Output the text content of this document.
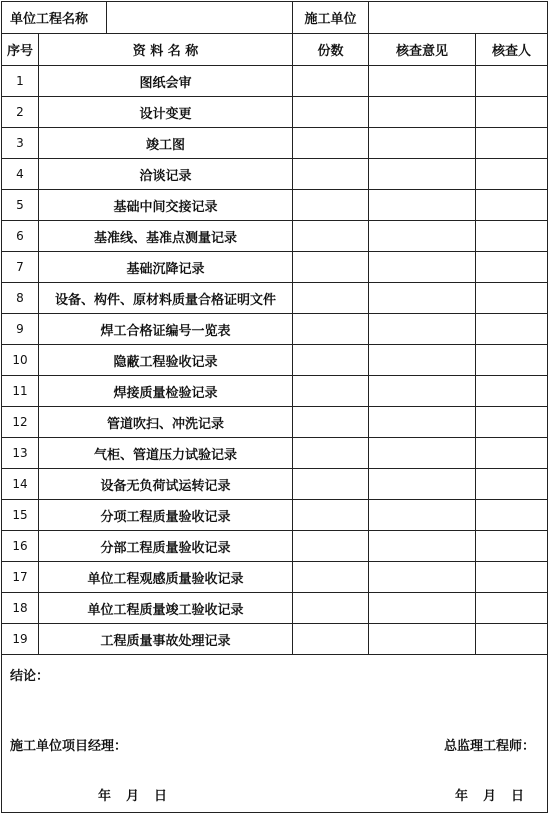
单位工程名称		施工单位		
序号	资 料 名 称	份数	核查意见	核查人
1	图纸会审			
2	设计变更			
3	竣工图			
4	洽谈记录			
5	基础中间交接记录			
6	基准线、基准点测量记录			
7	基础沉降记录			
8	设备、构件、原材料质量合格证明文件			
9	焊工合格证编号一览表			
10	隐蔽工程验收记录			
11	焊接质量检验记录			
12	管道吹扫、冲洗记录			
13	气柜、管道压力试验记录			
14	设备无负荷试运转记录			
15	分项工程质量验收记录			
16	分部工程质量验收记录			
17	单位工程观感质量验收记录			
18	单位工程质量竣工验收记录			
19	工程质量事故处理记录			

结论：
施工单位项目经理： 总监理工程师：
年　月　日 年　月　日				
